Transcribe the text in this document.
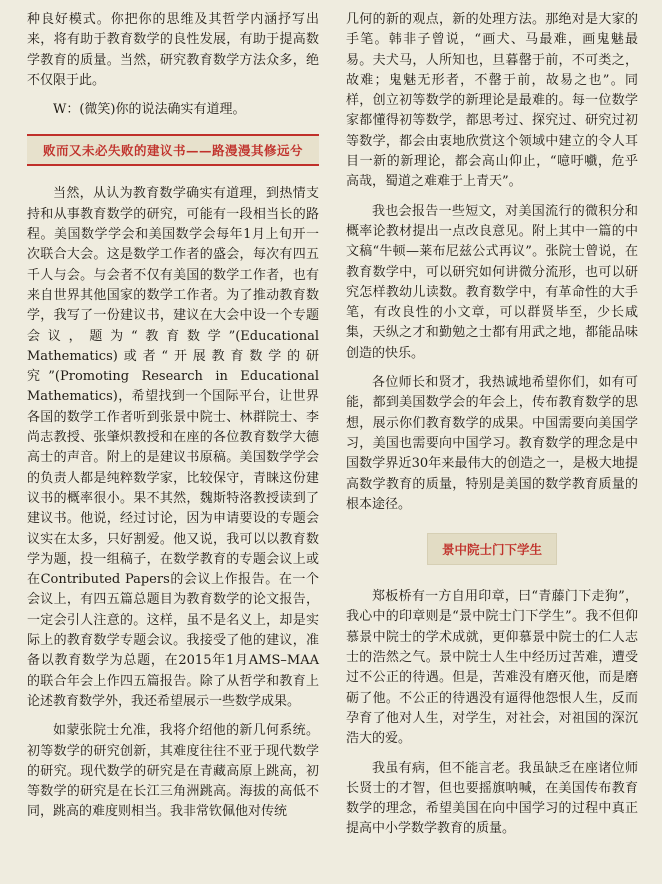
种良好模式。你把你的思维及其哲学内涵抒写出来，将有助于教育数学的良性发展，有助于提高数学教育的质量。当然，研究教育数学方法众多，绝不仅限于此。

W：(微笑)你的说法确实有道理。

败而又未必失败的建议书——路漫漫其修远兮

当然，从认为教育数学确实有道理，到热情支持和从事教育数学的研究，可能有一段相当长的路程。美国数学学会和美国数学会每年1月上旬开一次联合大会。这是数学工作者的盛会，每次有四五千人与会。与会者不仅有美国的数学工作者，也有来自世界其他国家的数学工作者。为了推动教育数学，我写了一份建议书，建议在大会中设一个专题会议，题为“教育数学”(Educational Mathematics)或者“开展教育数学的研究”(Promoting Research in Educational Mathematics)，希望找到一个国际平台，让世界各国的数学工作者听到张景中院士、林群院士、李尚志教授、张肇炽教授和在座的各位教育数学大德高士的声音。附上的是建议书原稿。美国数学学会的负责人都是纯粹数学家，比较保守，青睐这份建议书的概率很小。果不其然，魏斯特洛教授读到了建议书。他说，经过讨论，因为申请要设的专题会议实在太多，只好割爱。他又说，我可以以教育数学为题，投一组稿子，在数学教育的专题会议上或在Contributed Papers的会议上作报告。在一个会议上，有四五篇总题目为教育数学的论文报告，一定会引人注意的。这样，虽不是名义上，却是实际上的教育数学专题会议。我接受了他的建议，准备以教育数学为总题，在2015年1月AMS–MAA的联合年会上作四五篇报告。除了从哲学和教育上论述教育数学外，我还希望展示一些数学成果。

如蒙张院士允准，我将介绍他的新几何系统。初等数学的研究创新，其难度往往不亚于现代数学的研究。现代数学的研究是在青藏高原上跳高，初等数学的研究是在长江三角洲跳高。海拔的高低不同，跳高的难度则相当。我非常钦佩他对传统

几何的新的观点，新的处理方法。那绝对是大家的手笔。韩非子曾说，“画犬、马最难，画鬼魅最易。夫犬马，人所知也，旦暮罄于前，不可类之，故难；鬼魅无形者，不罄于前，故易之也”。同样，创立初等数学的新理论是最难的。每一位数学家都懂得初等数学，都思考过、探究过、研究过初等数学，都会由衷地欣赏这个领域中建立的令人耳目一新的新理论，都会高山仰止，“噫吁嚱，危乎高哉，蜀道之难难于上青天”。

我也会报告一些短文，对美国流行的微积分和概率论教材提出一点改良意见。附上其中一篇的中文稿“牛顿—莱布尼兹公式再议”。张院士曾说，在教育数学中，可以研究如何讲微分流形，也可以研究怎样教幼儿读数。教育数学中，有革命性的大手笔，有改良性的小文章，可以群贤毕至，少长咸集，天纵之才和勤勉之士都有用武之地，都能品味创造的快乐。

各位师长和贤才，我热诚地希望你们，如有可能，都到美国数学会的年会上，传布教育数学的思想，展示你们教育数学的成果。中国需要向美国学习，美国也需要向中国学习。教育数学的理念是中国数学界近30年来最伟大的创造之一，是极大地提高数学教育的质量，特别是美国的数学教育质量的根本途径。

景中院士门下学生

郑板桥有一方自用印章，曰“青藤门下走狗”，我心中的印章则是“景中院士门下学生”。我不但仰慕景中院士的学术成就，更仰慕景中院士的仁人志士的浩然之气。景中院士人生中经历过苦难，遭受过不公正的待遇。但是，苦难没有磨灭他，而是磨砺了他。不公正的待遇没有逼得他怨恨人生，反而孕育了他对人生，对学生，对社会，对祖国的深沉浩大的爱。

我虽有病，但不能言老。我虽缺乏在座诸位师长贤士的才智，但也要摇旗呐喊，在美国传布教育数学的理念，希望美国在向中国学习的过程中真正提高中小学数学教育的质量。
